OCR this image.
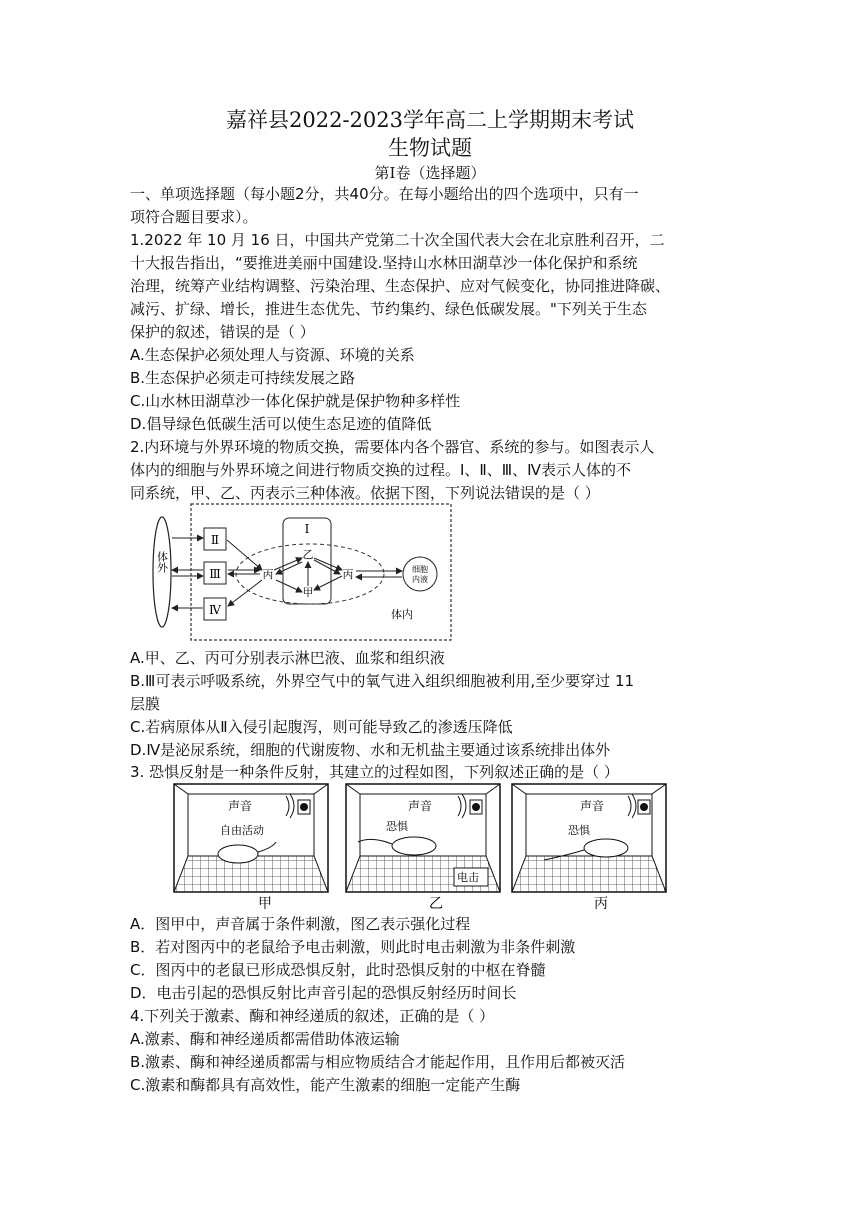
嘉祥县2022-2023学年高二上学期期末考试
生物试题
第Ⅰ卷（选择题）
一、单项选择题（每小题2分，共40分。在每小题给出的四个选项中，只有一
项符合题目要求）。
1.2022 年 10 月 16 日，中国共产党第二十次全国代表大会在北京胜利召开，二
十大报告指出，“要推进美丽中国建设.坚持山水林田湖草沙一体化保护和系统
治理，统筹产业结构调整、污染治理、生态保护、应对气候变化，协同推进降碳、
减污、扩绿、增长，推进生态优先、节约集约、绿色低碳发展。"下列关于生态
保护的叙述，错误的是（ ）
A.生态保护必须处理人与资源、环境的关系
B.生态保护必须走可持续发展之路
C.山水林田湖草沙一体化保护就是保护物种多样性
D.倡导绿色低碳生活可以使生态足迹的值降低
2.内环境与外界环境的物质交换，需要体内各个器官、系统的参与。如图表示人
体内的细胞与外界环境之间进行物质交换的过程。Ⅰ、Ⅱ、Ⅲ、Ⅳ表示人体的不
同系统，甲、乙、丙表示三种体液。依据下图，下列说法错误的是（ ）
体外
Ⅱ
Ⅲ
Ⅳ
Ⅰ
丙
乙
甲
丙	细胞
内液
体内
A.甲、乙、丙可分别表示淋巴液、血浆和组织液
B.Ⅲ可表示呼吸系统，外界空气中的氧气进入组织细胞被利用,至少要穿过 11
层膜
C.若病原体从Ⅱ入侵引起腹泻，则可能导致乙的渗透压降低
D.Ⅳ是泌尿系统，细胞的代谢废物、水和无机盐主要通过该系统排出体外
3. 恐惧反射是一种条件反射，其建立的过程如图，下列叙述正确的是（ ）
声音
自由活动
声音
恐惧
电击
声音
恐惧
甲	乙	丙
A．图甲中，声音属于条件刺激，图乙表示强化过程
B．若对图丙中的老鼠给予电击刺激，则此时电击刺激为非条件刺激
C．图丙中的老鼠已形成恐惧反射，此时恐惧反射的中枢在脊髓
D．电击引起的恐惧反射比声音引起的恐惧反射经历时间长
4.下列关于激素、酶和神经递质的叙述，正确的是（ ）
A.激素、酶和神经递质都需借助体液运输
B.激素、酶和神经递质都需与相应物质结合才能起作用，且作用后都被灭活
C.激素和酶都具有高效性，能产生激素的细胞一定能产生酶
